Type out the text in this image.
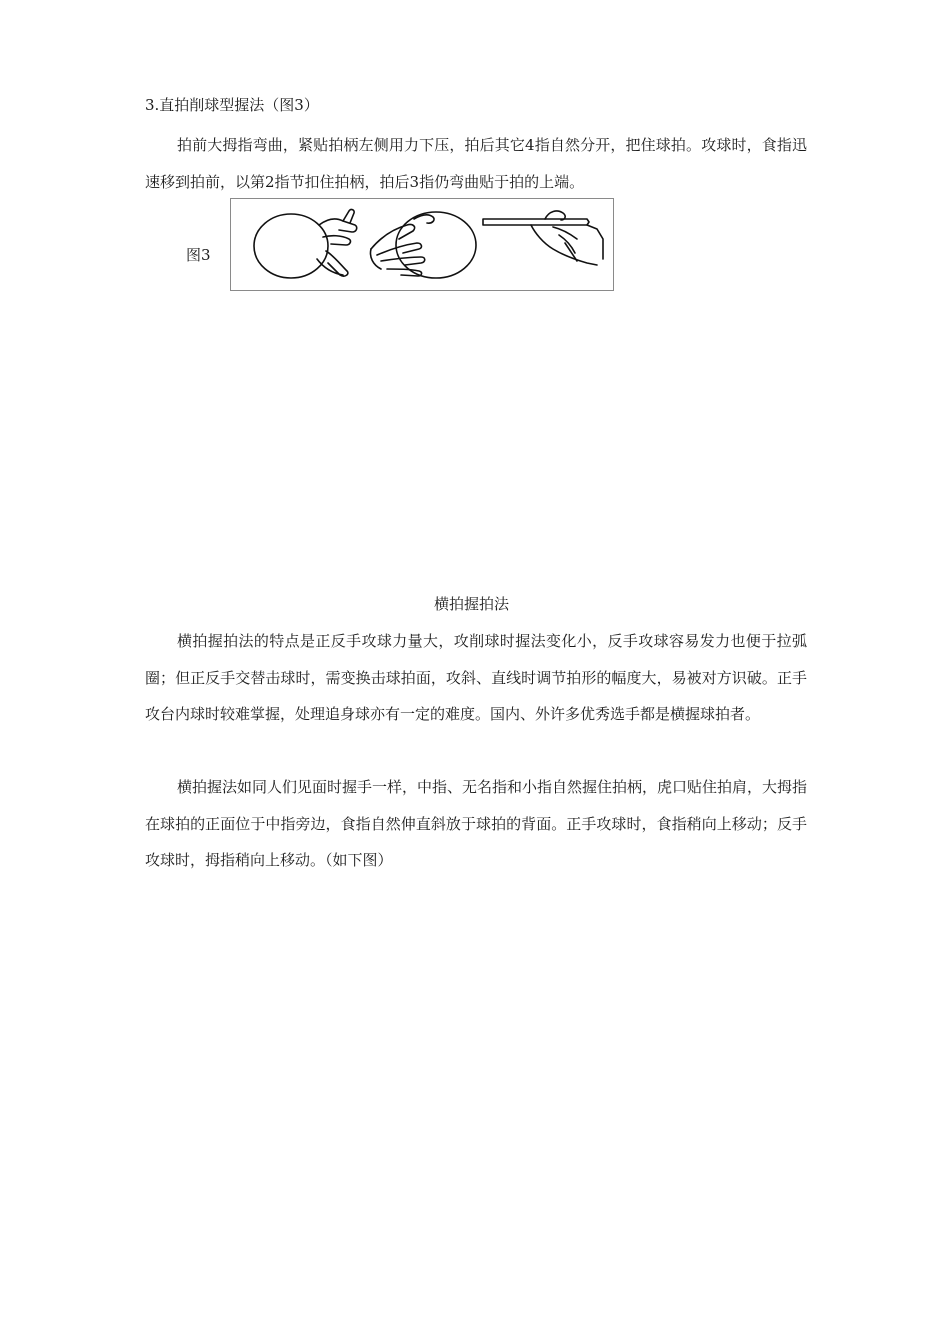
3.直拍削球型握法（图3）
拍前大拇指弯曲，紧贴拍柄左侧用力下压，拍后其它4指自然分开，把住球拍。攻球时，食指迅速移到拍前，以第2指节扣住拍柄，拍后3指仍弯曲贴于拍的上端。
图3
横拍握拍法
横拍握拍法的特点是正反手攻球力量大，攻削球时握法变化小，反手攻球容易发力也便于拉弧圈；但正反手交替击球时，需变换击球拍面，攻斜、直线时调节拍形的幅度大，易被对方识破。正手攻台内球时较难掌握，处理追身球亦有一定的难度。国内、外许多优秀选手都是横握球拍者。
横拍握法如同人们见面时握手一样，中指、无名指和小指自然握住拍柄，虎口贴住拍肩，大拇指在球拍的正面位于中指旁边，食指自然伸直斜放于球拍的背面。正手攻球时，食指稍向上移动；反手攻球时，拇指稍向上移动。（如下图）
